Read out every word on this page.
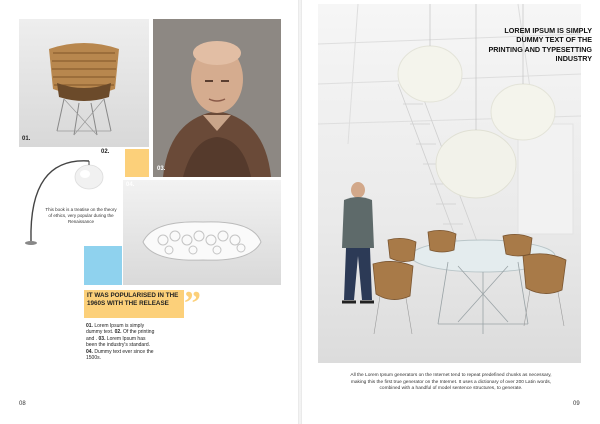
01.
03.
02.
This book is a treatise on the theory of ethics, very popular during the Renaissance
04.
IT WAS POPULARISED IN THE 1960S WITH THE RELEASE ”
01. Lorem Ipsum is simply dummy text. 02. Of the printing and . 03. Lorem Ipsum has been the industry's standard. 04. Dummy text ever since the 1500s.
08
LOREM IPSUM IS SIMPLY DUMMY TEXT OF THE PRINTING AND TYPESETTING INDUSTRY
All the Lorem Ipsum generators on the Internet tend to repeat predefined chunks as necessary, making this the first true generator on the Internet. It uses a dictionary of over 200 Latin words, combined with a handful of model sentence structures, to generate.
09
